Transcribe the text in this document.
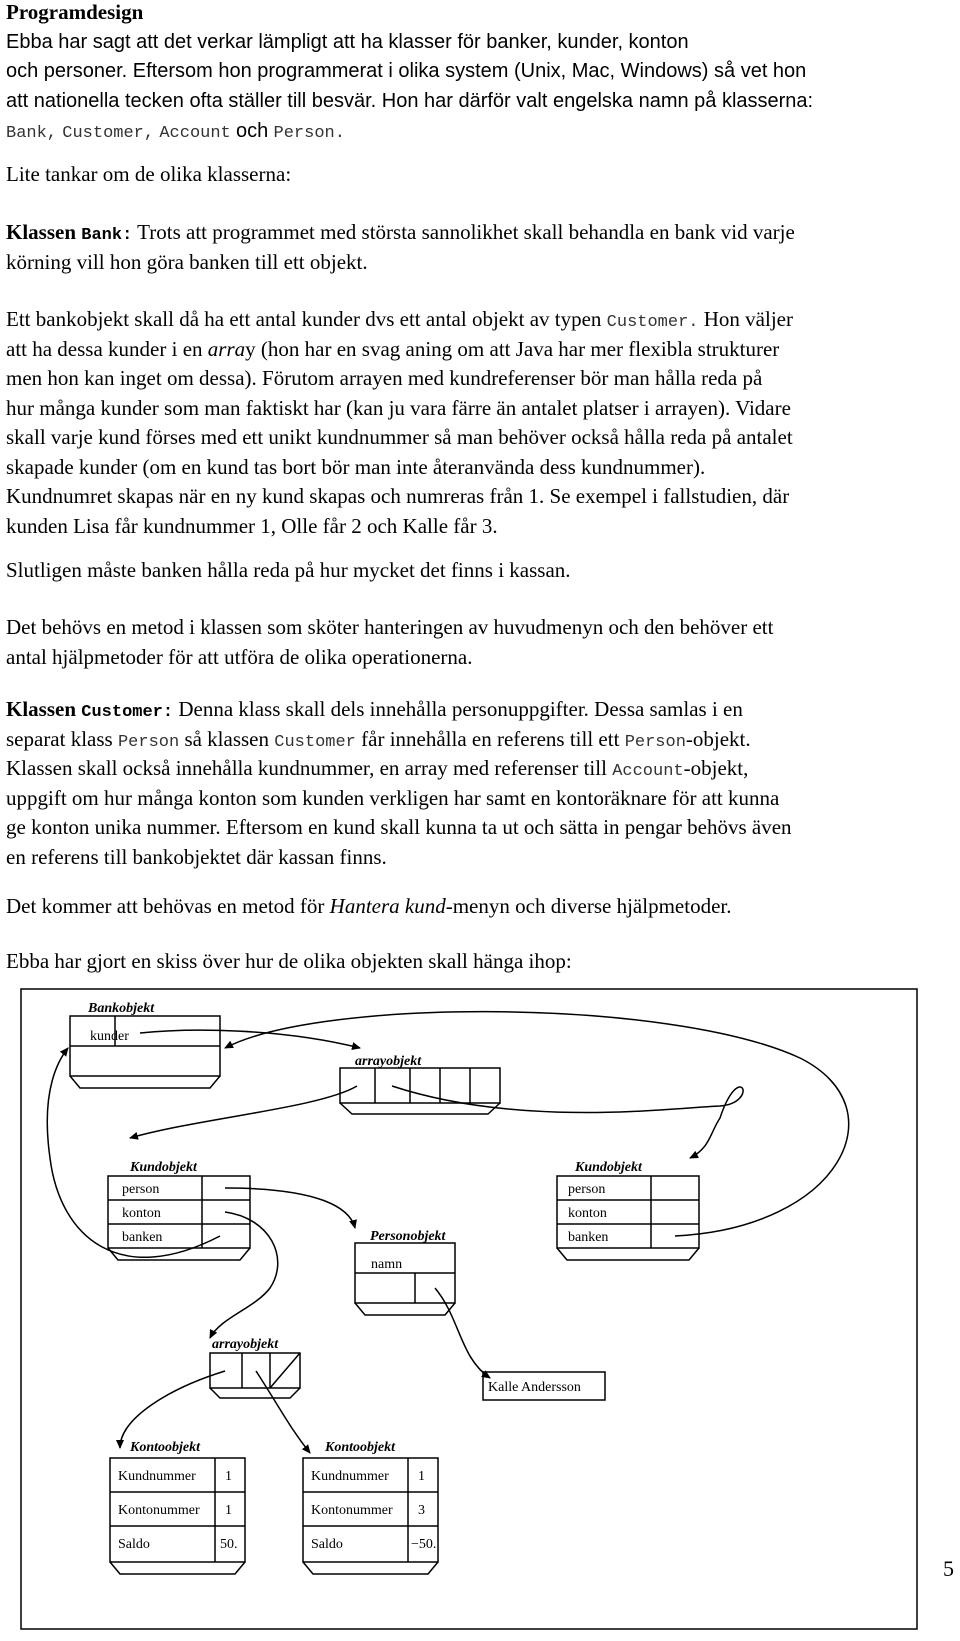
Programdesign
Ebba har sagt att det verkar lämpligt att ha klasser för banker, kunder, konton
och personer. Eftersom hon programmerat i olika system (Unix, Mac, Windows) så vet hon
att nationella tecken ofta ställer till besvär. Hon har därför valt engelska namn på klasserna:
Bank, Customer, Account och Person.
Lite tankar om de olika klasserna:
Klassen Bank: Trots att programmet med största sannolikhet skall behandla en bank vid varje
körning vill hon göra banken till ett objekt.
Ett bankobjekt skall då ha ett antal kunder dvs ett antal objekt av typen Customer. Hon väljer
att ha dessa kunder i en array (hon har en svag aning om att Java har mer flexibla strukturer
men hon kan inget om dessa). Förutom arrayen med kundreferenser bör man hålla reda på
hur många kunder som man faktiskt har (kan ju vara färre än antalet platser i arrayen). Vidare
skall varje kund förses med ett unikt kundnummer så man behöver också hålla reda på antalet
skapade kunder (om en kund tas bort bör man inte återanvända dess kundnummer).
Kundnumret skapas när en ny kund skapas och numreras från 1. Se exempel i fallstudien, där
kunden Lisa får kundnummer 1, Olle får 2 och Kalle får 3.
Slutligen måste banken hålla reda på hur mycket det finns i kassan.
Det behövs en metod i klassen som sköter hanteringen av huvudmenyn och den behöver ett
antal hjälpmetoder för att utföra de olika operationerna.
Klassen Customer: Denna klass skall dels innehålla personuppgifter. Dessa samlas i en
separat klass Person så klassen Customer får innehålla en referens till ett Person-objekt.
Klassen skall också innehålla kundnummer, en array med referenser till Account-objekt,
uppgift om hur många konton som kunden verkligen har samt en kontoräknare för att kunna
ge konton unika nummer. Eftersom en kund skall kunna ta ut och sätta in pengar behövs även
en referens till bankobjektet där kassan finns.
Det kommer att behövas en metod för Hantera kund-menyn och diverse hjälpmetoder.
Ebba har gjort en skiss över hur de olika objekten skall hänga ihop:
Bankobjekt
kunder
arrayobjekt
Kundobjekt
person
konton
banken
Kundobjekt
person
konton
banken
Personobjekt
namn
arrayobjekt
Kalle Andersson
Kontoobjekt
Kundnummer 1
Kontonummer 1
Saldo	50.
Kontoobjekt
Kundnummer 1
Kontonummer 3
Saldo	−50.
5
